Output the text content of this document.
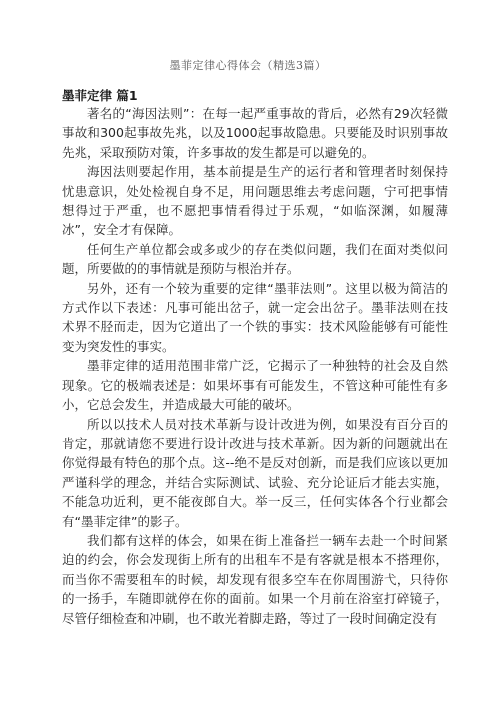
墨菲定律心得体会（精选3篇）
墨菲定律 篇1

著名的“海因法则”：在每一起严重事故的背后，必然有29次轻微事故和300起事故先兆，以及1000起事故隐患。只要能及时识别事故先兆，采取预防对策，许多事故的发生都是可以避免的。

海因法则要起作用，基本前提是生产的运行者和管理者时刻保持忧患意识，处处检视自身不足，用问题思维去考虑问题，宁可把事情想得过于严重，也不愿把事情看得过于乐观，“如临深渊，如履薄冰”，安全才有保障。

任何生产单位都会或多或少的存在类似问题，我们在面对类似问题，所要做的的事情就是预防与根治并存。

另外，还有一个较为重要的定律“墨菲法则”。这里以极为简洁的方式作以下表述：凡事可能出岔子，就一定会出岔子。墨菲法则在技术界不胫而走，因为它道出了一个铁的事实：技术风险能够有可能性变为突发性的事实。

墨菲定律的适用范围非常广泛，它揭示了一种独特的社会及自然现象。它的极端表述是：如果坏事有可能发生，不管这种可能性有多小，它总会发生，并造成最大可能的破坏。

所以以技术人员对技术革新与设计改进为例，如果没有百分百的肯定，那就请您不要进行设计改进与技术革新。因为新的问题就出在你觉得最有特色的那个点。这--绝不是反对创新，而是我们应该以更加严谨科学的理念，并结合实际测试、试验、充分论证后才能去实施，不能急功近利，更不能夜郎自大。举一反三，任何实体各个行业都会有“墨菲定律”的影子。

我们都有这样的体会，如果在街上准备拦一辆车去赴一个时间紧迫的约会，你会发现街上所有的出租车不是有客就是根本不搭理你，而当你不需要租车的时候，却发现有很多空车在你周围游弋，只待你的一扬手，车随即就停在你的面前。如果一个月前在浴室打碎镜子，尽管仔细检查和冲刷，也不敢光着脚走路，等过了一段时间确定没有
